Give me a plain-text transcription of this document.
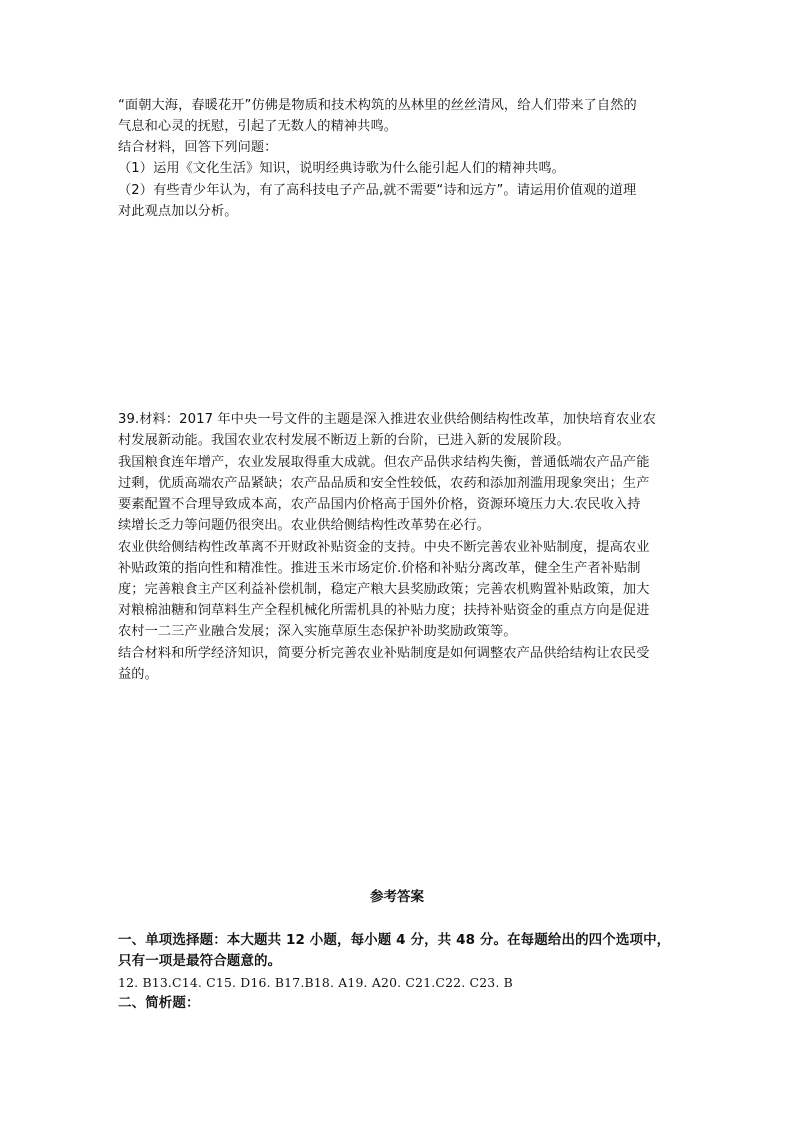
“面朝大海，春暖花开”仿佛是物质和技术构筑的丛林里的丝丝清风，给人们带来了自然的
气息和心灵的抚慰，引起了无数人的精神共鸣。
结合材料，回答下列问题：
（1）运用《文化生活》知识，说明经典诗歌为什么能引起人们的精神共鸣。
（2）有些青少年认为，有了高科技电子产品,就不需要“诗和远方”。请运用价值观的道理
对此观点加以分析。
39.材料：2017 年中央一号文件的主题是深入推进农业供给侧结构性改革，加快培育农业农
村发展新动能。我国农业农村发展不断迈上新的台阶，已进入新的发展阶段。
我国粮食连年增产，农业发展取得重大成就。但农产品供求结构失衡，普通低端农产品产能
过剩，优质高端农产品紧缺；农产品品质和安全性较低，农药和添加剂滥用现象突出；生产
要素配置不合理导致成本高，农产品国内价格高于国外价格，资源环境压力大.农民收入持
续增长乏力等问题仍很突出。农业供给侧结构性改革势在必行。
农业供给侧结构性改革离不开财政补贴资金的支持。中央不断完善农业补贴制度，提高农业
补贴政策的指向性和精准性。推进玉米市场定价.价格和补贴分离改革，健全生产者补贴制
度；完善粮食主产区利益补偿机制，稳定产粮大县奖励政策；完善农机购置补贴政策，加大
对粮棉油糖和饲草料生产全程机械化所需机具的补贴力度；扶持补贴资金的重点方向是促进
农村一二三产业融合发展；深入实施草原生态保护补助奖励政策等。
结合材料和所学经济知识，简要分析完善农业补贴制度是如何调整农产品供给结构让农民受
益的。
参考答案
一、单项选择题：本大题共 12 小题，每小题 4 分，共 48 分。在每题给出的四个选项中，
只有一项是最符合题意的。
12. B13.C14. C15. D16. B17.B18. A19. A20. C21.C22. C23. B
二、简析题：
